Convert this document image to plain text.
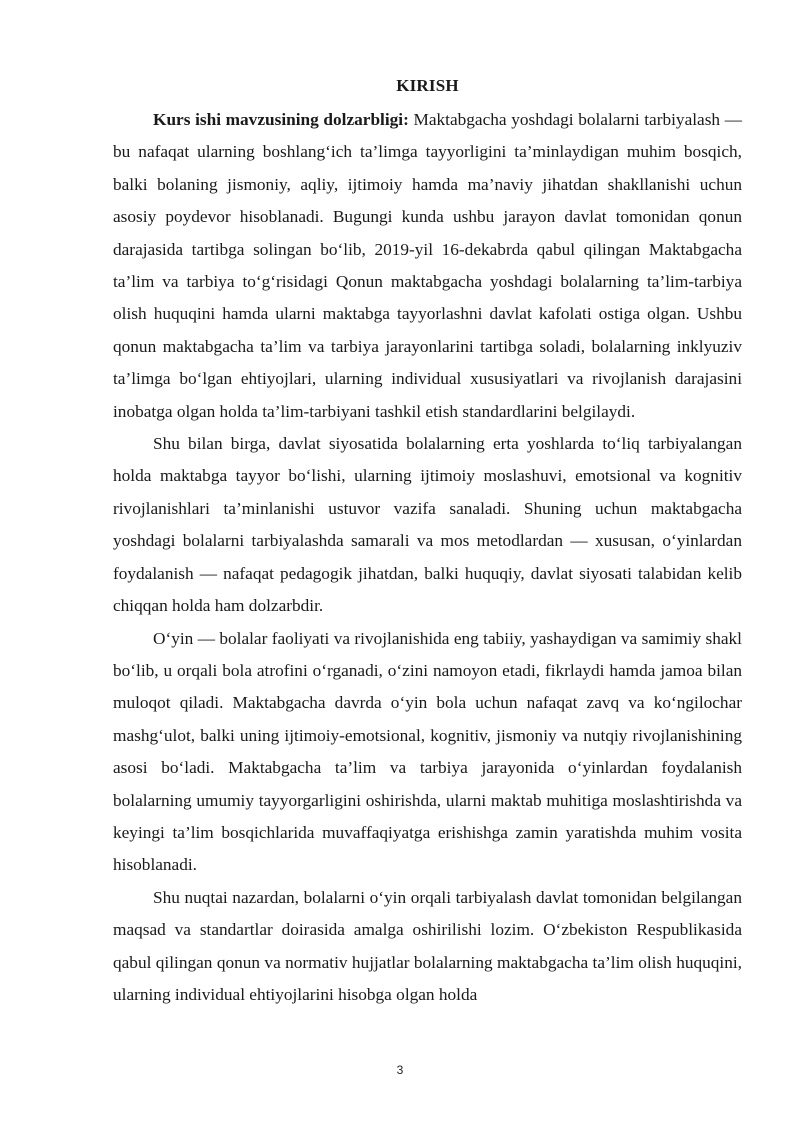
KIRISH

Kurs ishi mavzusining dolzarbligi: Maktabgacha yoshdagi bolalarni tarbiyalash — bu nafaqat ularning boshlang‘ich ta’limga tayyorligini ta’minlaydigan muhim bosqich, balki bolaning jismoniy, aqliy, ijtimoiy hamda ma’naviy jihatdan shakllanishi uchun asosiy poydevor hisoblanadi. Bugungi kunda ushbu jarayon davlat tomonidan qonun darajasida tartibga solingan bo‘lib, 2019-yil 16-dekabrda qabul qilingan Maktabgacha ta’lim va tarbiya to‘g‘risidagi Qonun maktabgacha yoshdagi bolalarning ta’lim-tarbiya olish huquqini hamda ularni maktabga tayyorlashni davlat kafolati ostiga olgan. Ushbu qonun maktabgacha ta’lim va tarbiya jarayonlarini tartibga soladi, bolalarning inklyuziv ta’limga bo‘lgan ehtiyojlari, ularning individual xususiyatlari va rivojlanish darajasini inobatga olgan holda ta’lim-tarbiyani tashkil etish standardlarini belgilaydi.

Shu bilan birga, davlat siyosatida bolalarning erta yoshlarda to‘liq tarbiyalangan holda maktabga tayyor bo‘lishi, ularning ijtimoiy moslashuvi, emotsional va kognitiv rivojlanishlari ta’minlanishi ustuvor vazifa sanaladi. Shuning uchun maktabgacha yoshdagi bolalarni tarbiyalashda samarali va mos metodlardan — xususan, o‘yinlardan foydalanish — nafaqat pedagogik jihatdan, balki huquqiy, davlat siyosati talabidan kelib chiqqan holda ham dolzarbdir.

O‘yin — bolalar faoliyati va rivojlanishida eng tabiiy, yashaydigan va samimiy shakl bo‘lib, u orqali bola atrofini o‘rganadi, o‘zini namoyon etadi, fikrlaydi hamda jamoa bilan muloqot qiladi. Maktabgacha davrda o‘yin bola uchun nafaqat zavq va ko‘ngilochar mashg‘ulot, balki uning ijtimoiy-emotsional, kognitiv, jismoniy va nutqiy rivojlanishining asosi bo‘ladi. Maktabgacha ta’lim va tarbiya jarayonida o‘yinlardan foydalanish bolalarning umumiy tayyorgarligini oshirishda, ularni maktab muhitiga moslashtirishda va keyingi ta’lim bosqichlarida muvaffaqiyatga erishishga zamin yaratishda muhim vosita hisoblanadi.

Shu nuqtai nazardan, bolalarni o‘yin orqali tarbiyalash davlat tomonidan belgilangan maqsad va standartlar doirasida amalga oshirilishi lozim. O‘zbekiston Respublikasida qabul qilingan qonun va normativ hujjatlar bolalarning maktabgacha ta’lim olish huquqini, ularning individual ehtiyojlarini hisobga olgan holda

3
